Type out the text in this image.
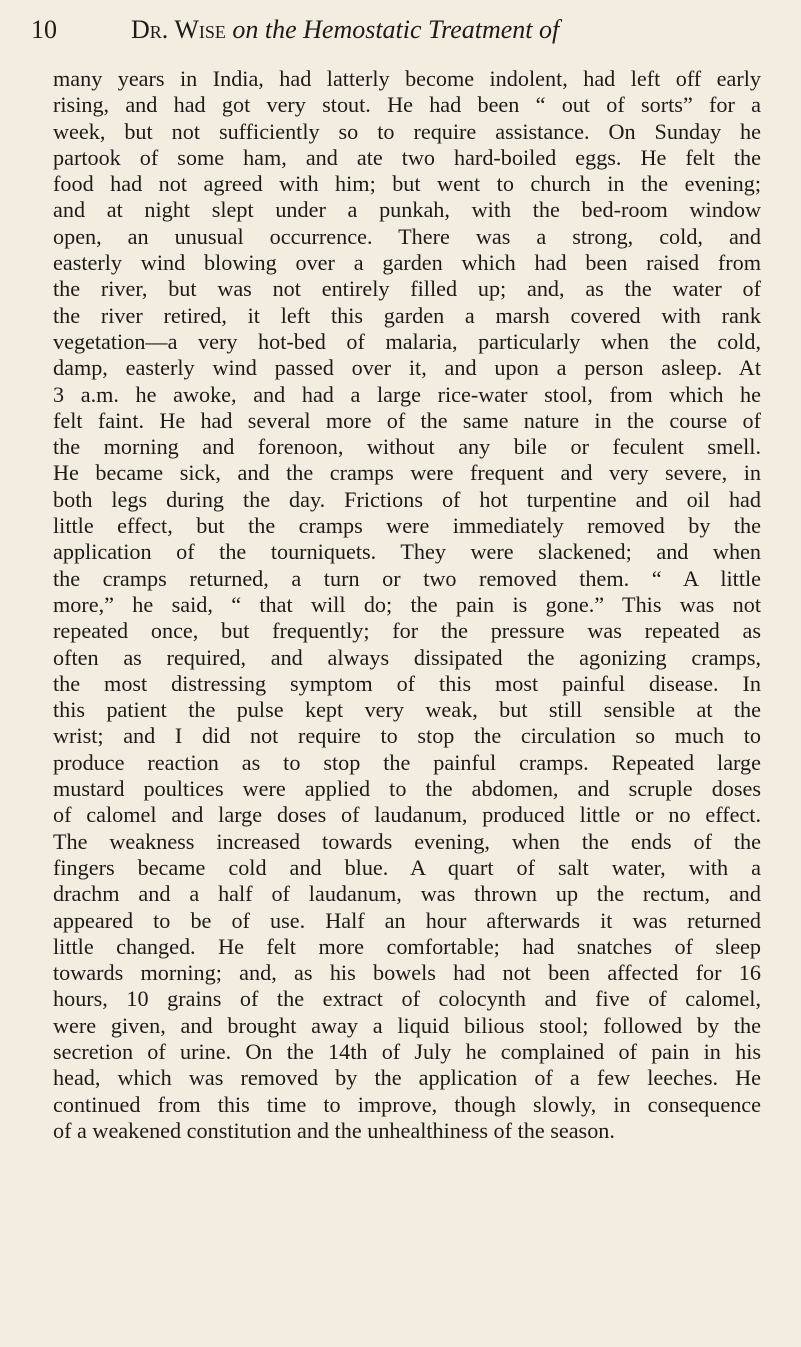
10	Dr. Wise on the Hemostatic Treatment of
many years in India, had latterly become indolent, had left off early
rising, and had got very stout. He had been “ out of sorts” for a
week, but not sufficiently so to require assistance. On Sunday he
partook of some ham, and ate two hard-boiled eggs. He felt the
food had not agreed with him; but went to church in the evening;
and at night slept under a punkah, with the bed-room window
open, an unusual occurrence. There was a strong, cold, and
easterly wind blowing over a garden which had been raised from
the river, but was not entirely filled up; and, as the water of
the river retired, it left this garden a marsh covered with rank
vegetation—a very hot-bed of malaria, particularly when the cold,
damp, easterly wind passed over it, and upon a person asleep. At
3 a.m. he awoke, and had a large rice-water stool, from which he
felt faint. He had several more of the same nature in the course of
the morning and forenoon, without any bile or feculent smell.
He became sick, and the cramps were frequent and very severe, in
both legs during the day. Frictions of hot turpentine and oil had
little effect, but the cramps were immediately removed by the
application of the tourniquets. They were slackened; and when
the cramps returned, a turn or two removed them. “ A little
more,” he said, “ that will do; the pain is gone.” This was not
repeated once, but frequently; for the pressure was repeated as
often as required, and always dissipated the agonizing cramps,
the most distressing symptom of this most painful disease. In
this patient the pulse kept very weak, but still sensible at the
wrist; and I did not require to stop the circulation so much to
produce reaction as to stop the painful cramps. Repeated large
mustard poultices were applied to the abdomen, and scruple doses
of calomel and large doses of laudanum, produced little or no effect.
The weakness increased towards evening, when the ends of the
fingers became cold and blue. A quart of salt water, with a
drachm and a half of laudanum, was thrown up the rectum, and
appeared to be of use. Half an hour afterwards it was returned
little changed. He felt more comfortable; had snatches of sleep
towards morning; and, as his bowels had not been affected for 16
hours, 10 grains of the extract of colocynth and five of calomel,
were given, and brought away a liquid bilious stool; followed by the
secretion of urine. On the 14th of July he complained of pain in his
head, which was removed by the application of a few leeches. He
continued from this time to improve, though slowly, in consequence
of a weakened constitution and the unhealthiness of the season.
